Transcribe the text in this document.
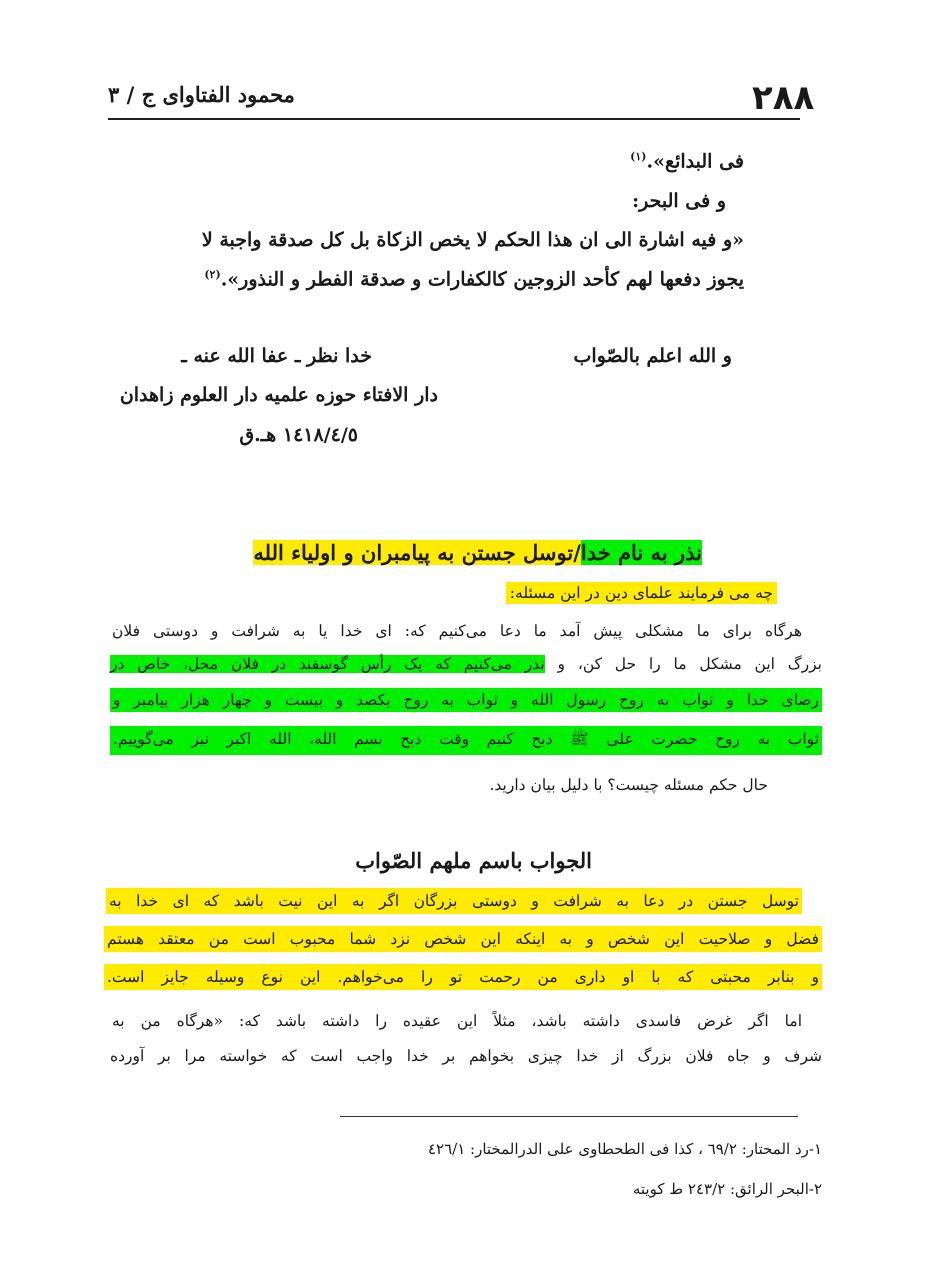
٢٨٨
محمود الفتاوای ج / ٣
فی البدائع».$^{(١)}$
و فی البحر:
«و فیه اشارة الی ان هذا الحکم لا یخص الزکاة بل کل صدقة واجبة لا
یجوز دفعها لهم کأحد الزوجین کالکفارات و صدقة الفطر و النذور».$^{(٢)}$
و الله اعلم بالصّواب
خدا نظر ـ عفا الله عنه ـ
دار الافتاء حوزه علمیه دار العلوم زاهدان
١٤١٨/٤/٥ هـ.ق
نذر به نام خدا/توسل جستن به پیامبران و اولیاء الله
چه می فرمایند علمای دین در این مسئله:
هرگاه برای ما مشکلی پیش آمد ما دعا می‌کنیم که: ای خدا یا به شرافت و دوستی فلان
بزرگ این مشکل ما را حل کن، و نذر می‌کنیم که یک رأس گوسفند در فلان محل، خاص در
رضای خدا و ثواب به روح رسول الله و ثواب به روح یکصد و بیست و چهار هزار پیامبر و
ثواب به روح حضرت علی ﷺ ذبح کنیم وقت ذبح بسم الله، الله اکبر نیز می‌گوییم.
حال حکم مسئله چیست؟ با دلیل بیان دارید.
الجواب باسم ملهم الصّواب
توسل جستن در دعا به شرافت و دوستی بزرگان اگر به این نیت باشد که ای خدا به
فضل و صلاحیت این شخص و به اینکه این شخص نزد شما محبوب است من معتقد هستم
و بنابر محبتی که با او داری من رحمت تو را می‌خواهم. این نوع وسیله جایز است.
اما اگر غرض فاسدی داشته باشد، مثلاً این عقیده را داشته باشد که: «هرگاه من به
شرف و جاه فلان بزرگ از خدا چیزی بخواهم بر خدا واجب است که خواسته مرا بر آورده
١-رد المحتار: ٦٩/٢ ، کذا فی الطحطاوی علی الدرالمختار: ٤٢٦/١
٢-البحر الرائق: ٢٤٣/٢ ط کویته
